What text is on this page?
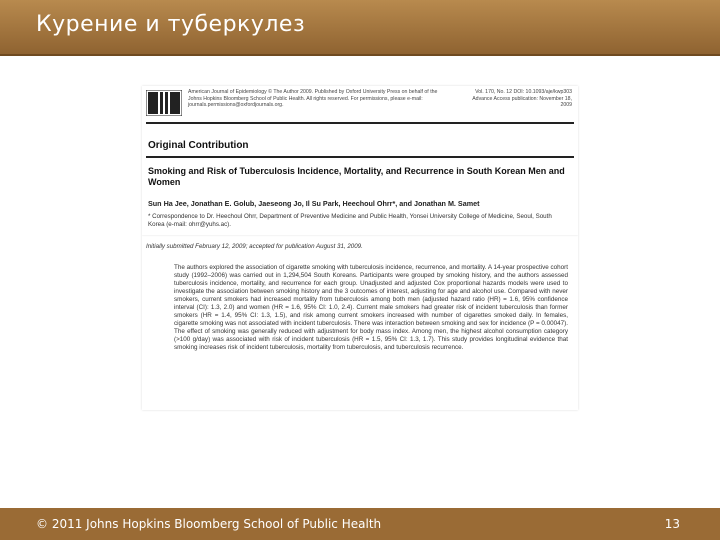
Курение и туберкулез
American Journal of Epidemiology © The Author 2009. Published by Oxford University Press on behalf of the Johns Hopkins Bloomberg School of Public Health. All rights reserved. For permissions, please e-mail: journals.permissions@oxfordjournals.org.
Vol. 170, No. 12 DOI: 10.1093/aje/kwp303 Advance Access publication: November 18, 2009
Original Contribution
Smoking and Risk of Tuberculosis Incidence, Mortality, and Recurrence in South Korean Men and Women
Sun Ha Jee, Jonathan E. Golub, Jaeseong Jo, Il Su Park, Heechoul Ohrr*, and Jonathan M. Samet
* Correspondence to Dr. Heechoul Ohrr, Department of Preventive Medicine and Public Health, Yonsei University College of Medicine, Seoul, South Korea (e-mail: ohrr@yuhs.ac).
Initially submitted February 12, 2009; accepted for publication August 31, 2009.
The authors explored the association of cigarette smoking with tuberculosis incidence, recurrence, and mortality. A 14-year prospective cohort study (1992–2006) was carried out in 1,294,504 South Koreans. Participants were grouped by smoking history, and the authors assessed tuberculosis incidence, mortality, and recurrence for each group. Unadjusted and adjusted Cox proportional hazards models were used to investigate the association between smoking history and the 3 outcomes of interest, adjusting for age and alcohol use. Compared with never smokers, current smokers had increased mortality from tuberculosis among both men (adjusted hazard ratio (HR) = 1.6, 95% confidence interval (CI): 1.3, 2.0) and women (HR = 1.6, 95% CI: 1.0, 2.4). Current male smokers had greater risk of incident tuberculosis than former smokers (HR = 1.4, 95% CI: 1.3, 1.5), and risk among current smokers increased with number of cigarettes smoked daily. In females, cigarette smoking was not associated with incident tuberculosis. There was interaction between smoking and sex for incidence (P = 0.00047). The effect of smoking was generally reduced with adjustment for body mass index. Among men, the highest alcohol consumption category (>100 g/day) was associated with risk of incident tuberculosis (HR = 1.5, 95% CI: 1.3, 1.7). This study provides longitudinal evidence that smoking increases risk of incident tuberculosis, mortality from tuberculosis, and tuberculosis recurrence.
© 2011 Johns Hopkins Bloomberg School of Public Health	13
